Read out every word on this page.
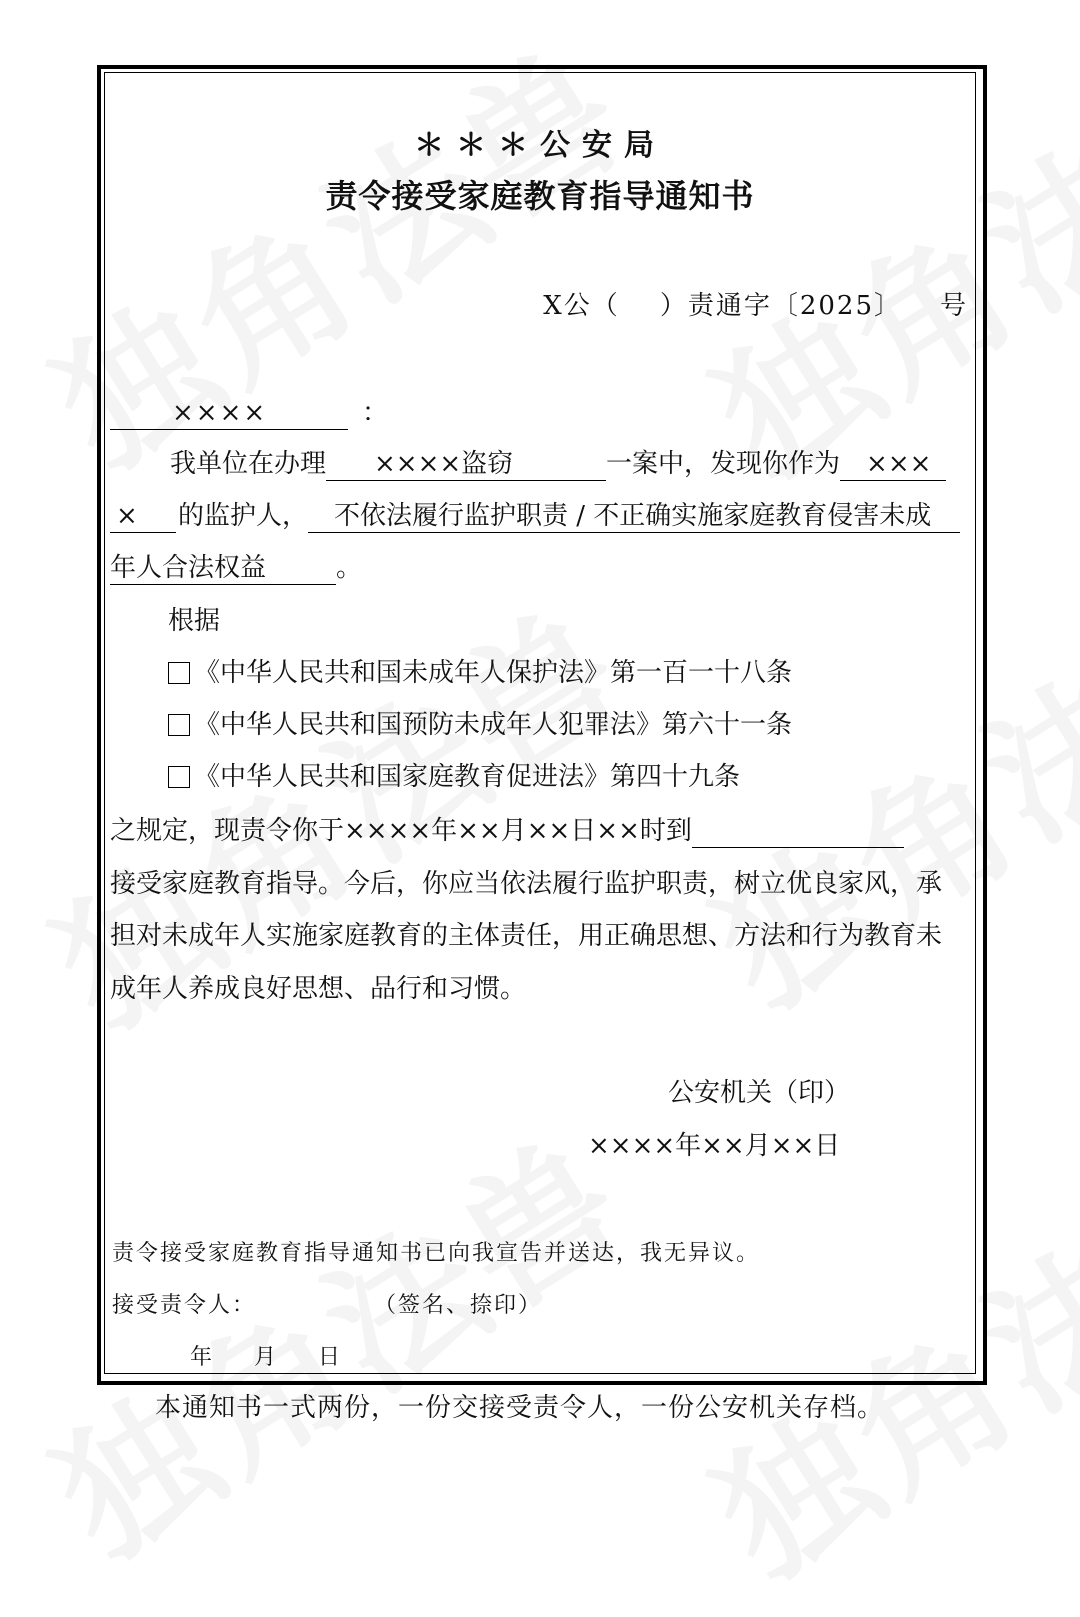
＊＊＊公安局
责令接受家庭教育指导通知书
X公（ ）责通字〔2025〕 号
××××	：
我单位在办理 ××××盗窃	一案中，发现你作为 ×××
× 的监护人， 不依法履行监护职责 / 不正确实施家庭教育侵害未成
年人合法权益	。
根据
《中华人民共和国未成年人保护法》第一百一十八条
《中华人民共和国预防未成年人犯罪法》第六十一条
《中华人民共和国家庭教育促进法》第四十九条
之规定，现责令你于××××年××月××日××时到
接受家庭教育指导。今后，你应当依法履行监护职责，树立优良家风，承
担对未成年人实施家庭教育的主体责任，用正确思想、方法和行为教育未
成年人养成良好思想、品行和习惯。
公安机关（印）
××××年××月××日
责令接受家庭教育指导通知书已向我宣告并送达，我无异议。
接受责令人：	（签名、捺印）
年 月 日
本通知书一式两份，一份交接受责令人，一份公安机关存档。
